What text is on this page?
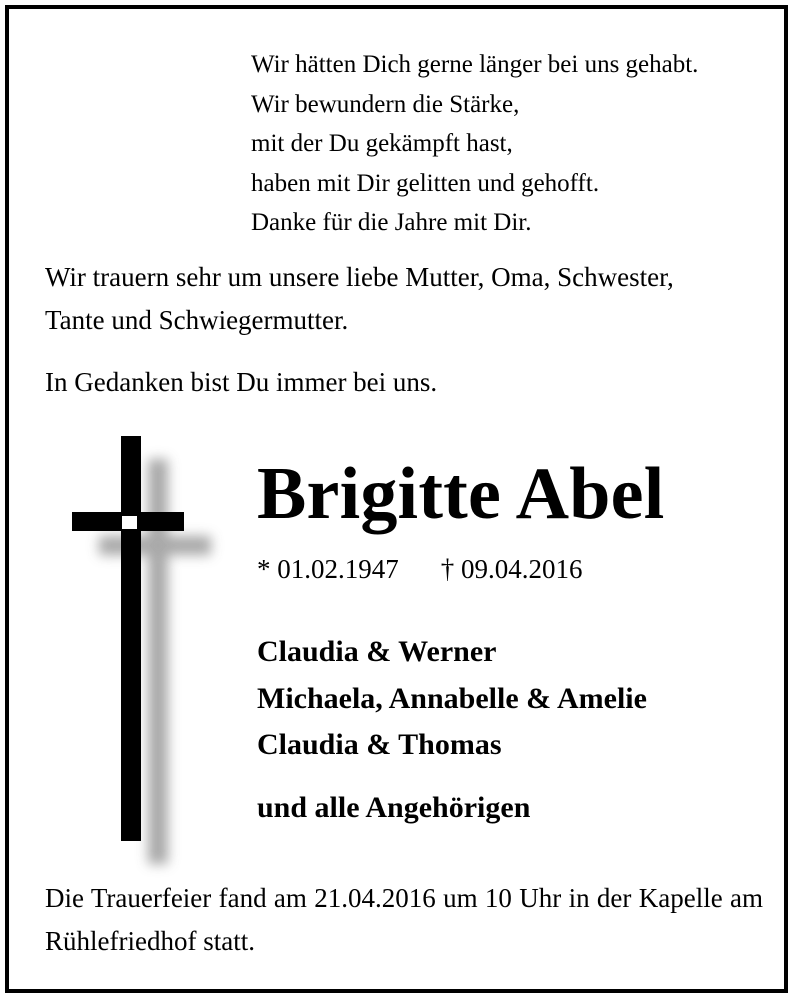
Wir hätten Dich gerne länger bei uns gehabt.
Wir bewundern die Stärke,
mit der Du gekämpft hast,
haben mit Dir gelitten und gehofft.
Danke für die Jahre mit Dir.
Wir trauern sehr um unsere liebe Mutter, Oma, Schwester,
Tante und Schwiegermutter.
In Gedanken bist Du immer bei uns.
Brigitte Abel
* 01.02.1947 † 09.04.2016
Claudia & Werner
Michaela, Annabelle & Amelie
Claudia & Thomas
und alle Angehörigen
Die Trauerfeier fand am 21.04.2016 um 10 Uhr in der Kapelle am Rühlefriedhof statt.
